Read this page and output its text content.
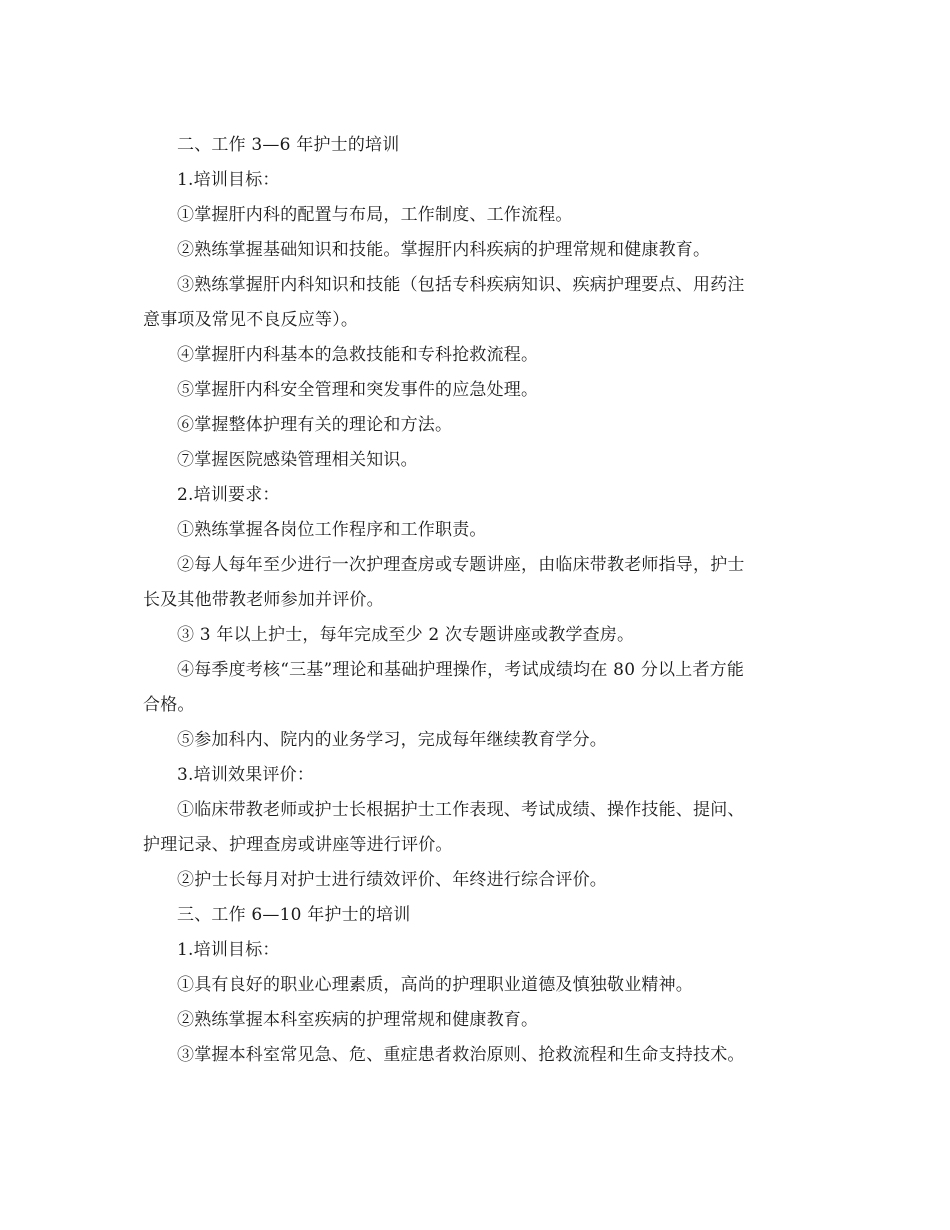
二、工作 3—6 年护士的培训

1.培训目标：

①掌握肝内科的配置与布局，工作制度、工作流程。

②熟练掌握基础知识和技能。掌握肝内科疾病的护理常规和健康教育。

③熟练掌握肝内科知识和技能（包括专科疾病知识、疾病护理要点、用药注

意事项及常见不良反应等）。

④掌握肝内科基本的急救技能和专科抢救流程。

⑤掌握肝内科安全管理和突发事件的应急处理。

⑥掌握整体护理有关的理论和方法。

⑦掌握医院感染管理相关知识。

2.培训要求：

①熟练掌握各岗位工作程序和工作职责。

②每人每年至少进行一次护理查房或专题讲座，由临床带教老师指导，护士

长及其他带教老师参加并评价。

③ 3 年以上护士，每年完成至少 2 次专题讲座或教学查房。

④每季度考核“三基”理论和基础护理操作，考试成绩均在 80 分以上者方能

合格。

⑤参加科内、院内的业务学习，完成每年继续教育学分。

3.培训效果评价：

①临床带教老师或护士长根据护士工作表现、考试成绩、操作技能、提问、

护理记录、护理查房或讲座等进行评价。

②护士长每月对护士进行绩效评价、年终进行综合评价。

三、工作 6—10 年护士的培训

1.培训目标：

①具有良好的职业心理素质，高尚的护理职业道德及慎独敬业精神。

②熟练掌握本科室疾病的护理常规和健康教育。

③掌握本科室常见急、危、重症患者救治原则、抢救流程和生命支持技术。
